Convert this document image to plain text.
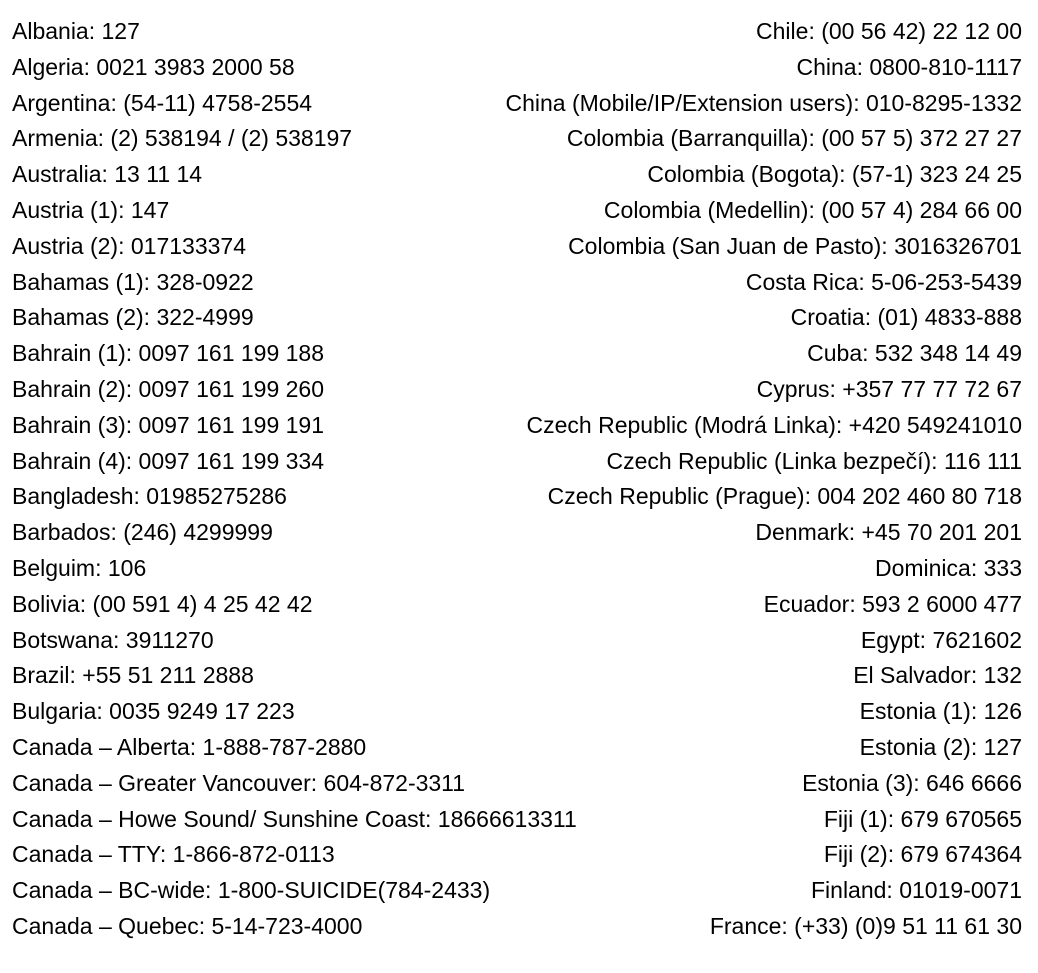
Albania: 127
Algeria: 0021 3983 2000 58
Argentina: (54-11) 4758-2554
Armenia: (2) 538194 / (2) 538197
Australia: 13 11 14
Austria (1): 147
Austria (2): 017133374
Bahamas (1): 328-0922
Bahamas (2): 322-4999
Bahrain (1): 0097 161 199 188
Bahrain (2): 0097 161 199 260
Bahrain (3): 0097 161 199 191
Bahrain (4): 0097 161 199 334
Bangladesh: 01985275286
Barbados: (246) 4299999
Belguim: 106
Bolivia: (00 591 4) 4 25 42 42
Botswana: 3911270
Brazil: +55 51 211 2888
Bulgaria: 0035 9249 17 223
Canada – Alberta: 1-888-787-2880
Canada – Greater Vancouver: 604-872-3311
Canada – Howe Sound/ Sunshine Coast: 18666613311
Canada – TTY: 1-866-872-0113
Canada – BC-wide: 1-800-SUICIDE(784-2433)
Canada – Quebec: 5-14-723-4000
Chile: (00 56 42) 22 12 00
China: 0800-810-1117
China (Mobile/IP/Extension users): 010-8295-1332
Colombia (Barranquilla): (00 57 5) 372 27 27
Colombia (Bogota): (57-1) 323 24 25
Colombia (Medellin): (00 57 4) 284 66 00
Colombia (San Juan de Pasto): 3016326701
Costa Rica: 5-06-253-5439
Croatia: (01) 4833-888
Cuba: 532 348 14 49
Cyprus: +357 77 77 72 67
Czech Republic (Modrá Linka): +420 549241010
Czech Republic (Linka bezpečí): 116 111
Czech Republic (Prague): 004 202 460 80 718
Denmark: +45 70 201 201
Dominica: 333
Ecuador: 593 2 6000 477
Egypt: 7621602
El Salvador: 132
Estonia (1): 126
Estonia (2): 127
Estonia (3): 646 6666
Fiji (1): 679 670565
Fiji (2): 679 674364
Finland: 01019-0071
France: (+33) (0)9 51 11 61 30
